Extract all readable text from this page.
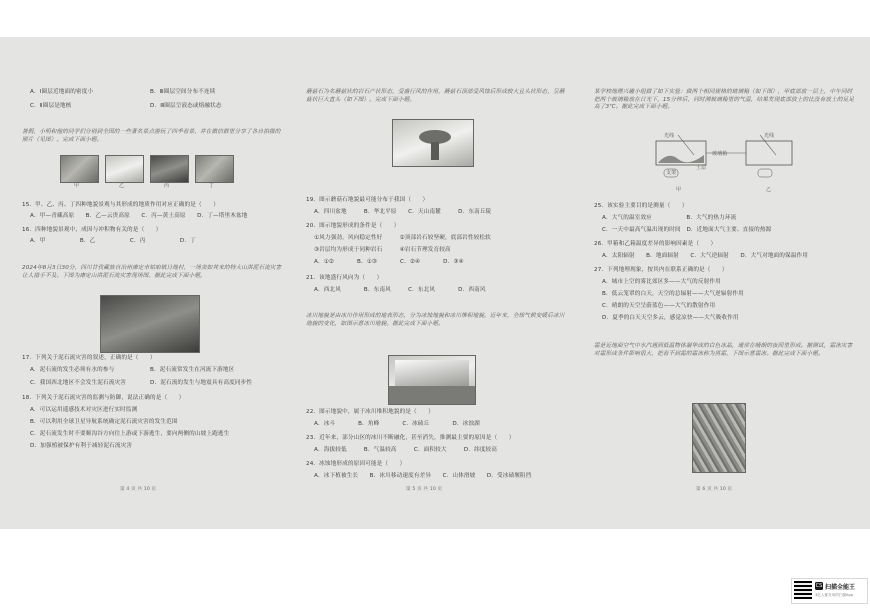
A．I圈层近地面的密度小	B．Ⅲ圈层空间分布不连续
C．Ⅱ圈层是地核	D．Ⅲ圈层呈液态或熔融状态
暑假，小明和他的同学们分别到全国的一些著名景点游玩了四季看景，并在微信群里分享了各自拍摄的照片（见图）。完成下面小题。
甲	乙	丙	丁
15．甲、乙、丙、丁四种地貌景观与其形成的地质作用对应正确的是（　　）
A．甲—青藏高原　　B．乙—云贵高原　　C．丙—黄土高原　　D．丁—塔里木盆地
16．四种地貌景观中，成因与冲积物有关的是（　　）
A．甲　　　　　　B．乙　　　　　　C．丙　　　　　　D．丁
2024年8月3日30分，四川甘孜藏族自治州康定市姑咱镇日地村，一场突如其来的特大山洪泥石流灾害让人措手不及。下图为康定山洪泥石流灾害现场图。据此完成下面小题。
17．下列关于泥石流灾害的叙述，正确的是（　　）
A．泥石流的发生必须有水的参与	B．泥石流常发生在河流下游地区
C．我国西北地区不会发生泥石流灾害	D．泥石流的发生与地震具有高度同步性
18．下列关于泥石流灾害的监测与防御，说法正确的是（　　）
A．可以运用遥感技术对灾区进行实时监测
B．可以利用全球卫星导航系统确定泥石流灾害的发生范围
C．泥石流发生时不要顺沟谷方向往上游或下游逃生，要向两侧的山坡上跑逃生
D．加强植被保护有利于减轻泥石流灾害
第 4 页 共 10 页
蘑菇石为名蘑菇状的岩石产状形态，受盛行风的作用，蘑菇石顶部受风蚀后形成较大且头状形态，呈蘑菇状巨大直头（如下图）。完成下面小题。
19．图示蘑菇石地貌最可能分布于我国（　　）
A．四川盆地　　　B．华北平原　　C．天山南麓　　　D．东南丘陵
20．图示地貌形成的条件是（　　）
①风力强劲，风向稳定性好　　　②顶部岩石较坚硬，底部岩性较松软
③岩层均为形成于同种岩石　　　④岩石节理发育较高
A．①②　　　　B．①③　　　　C．②④　　　　D．③④
21．该地盛行风向为（　　）
A．西北风　　　　B．东南风　　　C．东北风　　　　D．西南风
冰川地貌是由冰川作用形成的地表形态，分为冰蚀地貌和冰川堆积地貌。近年来，全球气候变暖后冰川地貌的变化，如图示意冰川地貌。据此完成下面小题。
22．图示地貌中，属于冰川堆积地貌的是（　　）
A．冰斗　　　　B．角峰　　　　C．冰碛丘　　　　D．冰蚀湖
23．近年来，部分山区的冰川不断融化，甚至消失，推测最主要的原因是（　　）
A．海拔较低　　　B．气温较高　　　C．面积较大　　　D．纬度较高
24．冰蚀地形成的原因可能是（　　）
A．冰下植被生长　　B．冰川移动速度有差异　　C．山体滑坡　　D．受冰碛堰阻挡
第 5 页 共 10 页
某学校地理兴趣小组做了如下实验：做两个相同规格的玻璃箱（如下图），甲底部放一层土，中午同时把两个玻璃箱放在日光下，15分钟后，同时测玻璃箱里的气温，结果发现底部放土的比没有放土的足足高了3℃。据此完成下面小题。
玻璃箱
支架
土层
光线
甲	乙
光线
25．该实验主要目的是测量（　　）
A．大气的温室效应　　　　　　B．大气的热力环流
C．一天中最高气温出现的时间　D．近地面大气主要、直接的热源
26．甲箱和乙箱温度差异的影响因素是（　　）
A．太阳辐射　　B．地面辐射　　C．大气逆辐射　　D．大气对地面的保温作用
27．下列地理现象，按其内在联系正确的是（　　）
A．城市上空的雾比郊区多——大气的反射作用
B．低云笼罩的白天，天空的总辐射——大气逆辐射作用
C．晴朗的天空呈蔚蓝色——大气的散射作用
D．夏季的白天天空多云，感觉凉快——大气吸收作用
霜是近地面空气中水汽遇到低温物体凝华成的白色冰晶，通常在晴朗的夜间里形成。据测试，霜冻灾害对霜形成条件影响很大，把看不到霜的霜冻称为黑霜，下图示意霜冻。据此完成下面小题。
第 6 页 共 10 页
CS 扫描全能王
3亿人都在用的扫描App
